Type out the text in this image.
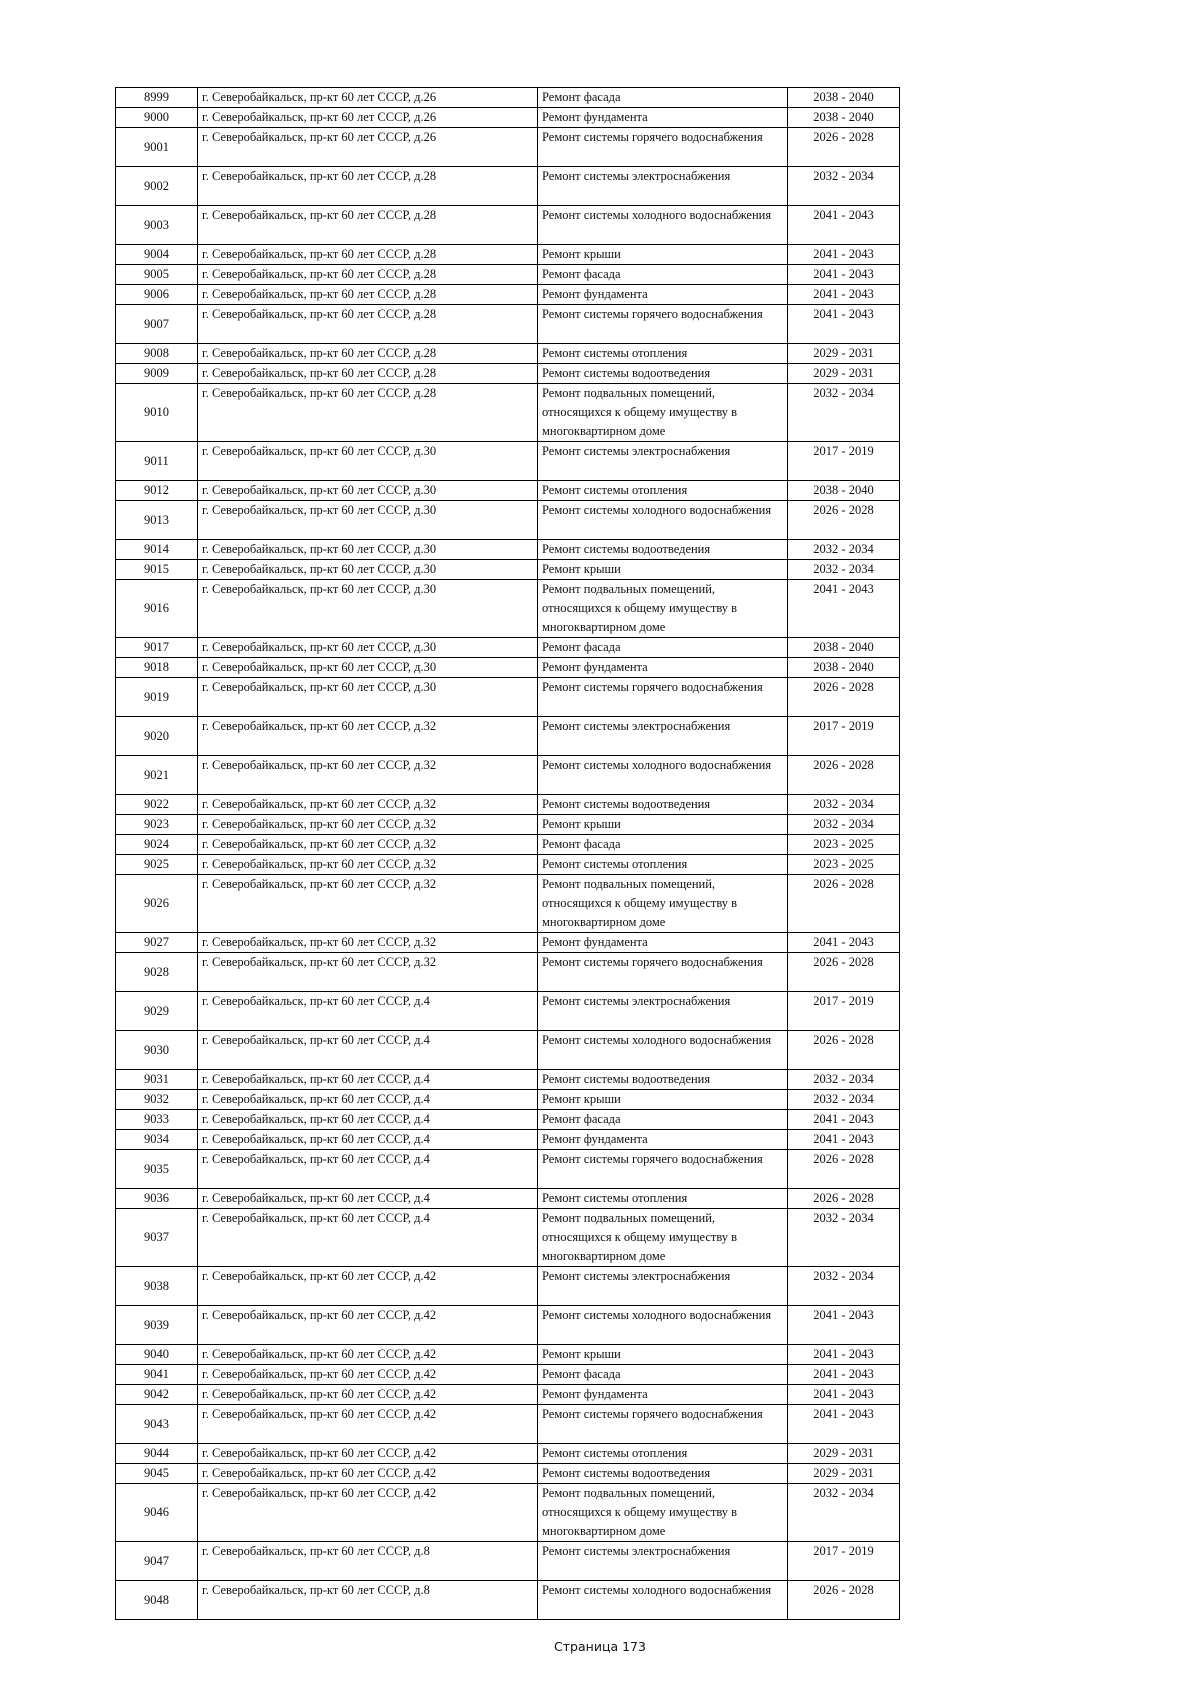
8999	г. Северобайкальск, пр-кт 60 лет СССР, д.26	Ремонт фасада	2038 - 2040
9000	г. Северобайкальск, пр-кт 60 лет СССР, д.26	Ремонт фундамента	2038 - 2040
9001	г. Северобайкальск, пр-кт 60 лет СССР, д.26	Ремонт системы горячего водоснабжения	2026 - 2028
9002	г. Северобайкальск, пр-кт 60 лет СССР, д.28	Ремонт системы электроснабжения	2032 - 2034
9003	г. Северобайкальск, пр-кт 60 лет СССР, д.28	Ремонт системы холодного водоснабжения	2041 - 2043
9004	г. Северобайкальск, пр-кт 60 лет СССР, д.28	Ремонт крыши	2041 - 2043
9005	г. Северобайкальск, пр-кт 60 лет СССР, д.28	Ремонт фасада	2041 - 2043
9006	г. Северобайкальск, пр-кт 60 лет СССР, д.28	Ремонт фундамента	2041 - 2043
9007	г. Северобайкальск, пр-кт 60 лет СССР, д.28	Ремонт системы горячего водоснабжения	2041 - 2043
9008	г. Северобайкальск, пр-кт 60 лет СССР, д.28	Ремонт системы отопления	2029 - 2031
9009	г. Северобайкальск, пр-кт 60 лет СССР, д.28	Ремонт системы водоотведения	2029 - 2031
9010	г. Северобайкальск, пр-кт 60 лет СССР, д.28	Ремонт подвальных помещений, относящихся к общему имуществу в многоквартирном доме	2032 - 2034
9011	г. Северобайкальск, пр-кт 60 лет СССР, д.30	Ремонт системы электроснабжения	2017 - 2019
9012	г. Северобайкальск, пр-кт 60 лет СССР, д.30	Ремонт системы отопления	2038 - 2040
9013	г. Северобайкальск, пр-кт 60 лет СССР, д.30	Ремонт системы холодного водоснабжения	2026 - 2028
9014	г. Северобайкальск, пр-кт 60 лет СССР, д.30	Ремонт системы водоотведения	2032 - 2034
9015	г. Северобайкальск, пр-кт 60 лет СССР, д.30	Ремонт крыши	2032 - 2034
9016	г. Северобайкальск, пр-кт 60 лет СССР, д.30	Ремонт подвальных помещений, относящихся к общему имуществу в многоквартирном доме	2041 - 2043
9017	г. Северобайкальск, пр-кт 60 лет СССР, д.30	Ремонт фасада	2038 - 2040
9018	г. Северобайкальск, пр-кт 60 лет СССР, д.30	Ремонт фундамента	2038 - 2040
9019	г. Северобайкальск, пр-кт 60 лет СССР, д.30	Ремонт системы горячего водоснабжения	2026 - 2028
9020	г. Северобайкальск, пр-кт 60 лет СССР, д.32	Ремонт системы электроснабжения	2017 - 2019
9021	г. Северобайкальск, пр-кт 60 лет СССР, д.32	Ремонт системы холодного водоснабжения	2026 - 2028
9022	г. Северобайкальск, пр-кт 60 лет СССР, д.32	Ремонт системы водоотведения	2032 - 2034
9023	г. Северобайкальск, пр-кт 60 лет СССР, д.32	Ремонт крыши	2032 - 2034
9024	г. Северобайкальск, пр-кт 60 лет СССР, д.32	Ремонт фасада	2023 - 2025
9025	г. Северобайкальск, пр-кт 60 лет СССР, д.32	Ремонт системы отопления	2023 - 2025
9026	г. Северобайкальск, пр-кт 60 лет СССР, д.32	Ремонт подвальных помещений, относящихся к общему имуществу в многоквартирном доме	2026 - 2028
9027	г. Северобайкальск, пр-кт 60 лет СССР, д.32	Ремонт фундамента	2041 - 2043
9028	г. Северобайкальск, пр-кт 60 лет СССР, д.32	Ремонт системы горячего водоснабжения	2026 - 2028
9029	г. Северобайкальск, пр-кт 60 лет СССР, д.4	Ремонт системы электроснабжения	2017 - 2019
9030	г. Северобайкальск, пр-кт 60 лет СССР, д.4	Ремонт системы холодного водоснабжения	2026 - 2028
9031	г. Северобайкальск, пр-кт 60 лет СССР, д.4	Ремонт системы водоотведения	2032 - 2034
9032	г. Северобайкальск, пр-кт 60 лет СССР, д.4	Ремонт крыши	2032 - 2034
9033	г. Северобайкальск, пр-кт 60 лет СССР, д.4	Ремонт фасада	2041 - 2043
9034	г. Северобайкальск, пр-кт 60 лет СССР, д.4	Ремонт фундамента	2041 - 2043
9035	г. Северобайкальск, пр-кт 60 лет СССР, д.4	Ремонт системы горячего водоснабжения	2026 - 2028
9036	г. Северобайкальск, пр-кт 60 лет СССР, д.4	Ремонт системы отопления	2026 - 2028
9037	г. Северобайкальск, пр-кт 60 лет СССР, д.4	Ремонт подвальных помещений, относящихся к общему имуществу в многоквартирном доме	2032 - 2034
9038	г. Северобайкальск, пр-кт 60 лет СССР, д.42	Ремонт системы электроснабжения	2032 - 2034
9039	г. Северобайкальск, пр-кт 60 лет СССР, д.42	Ремонт системы холодного водоснабжения	2041 - 2043
9040	г. Северобайкальск, пр-кт 60 лет СССР, д.42	Ремонт крыши	2041 - 2043
9041	г. Северобайкальск, пр-кт 60 лет СССР, д.42	Ремонт фасада	2041 - 2043
9042	г. Северобайкальск, пр-кт 60 лет СССР, д.42	Ремонт фундамента	2041 - 2043
9043	г. Северобайкальск, пр-кт 60 лет СССР, д.42	Ремонт системы горячего водоснабжения	2041 - 2043
9044	г. Северобайкальск, пр-кт 60 лет СССР, д.42	Ремонт системы отопления	2029 - 2031
9045	г. Северобайкальск, пр-кт 60 лет СССР, д.42	Ремонт системы водоотведения	2029 - 2031
9046	г. Северобайкальск, пр-кт 60 лет СССР, д.42	Ремонт подвальных помещений, относящихся к общему имуществу в многоквартирном доме	2032 - 2034
9047	г. Северобайкальск, пр-кт 60 лет СССР, д.8	Ремонт системы электроснабжения	2017 - 2019
9048	г. Северобайкальск, пр-кт 60 лет СССР, д.8	Ремонт системы холодного водоснабжения	2026 - 2028
Страница 173
